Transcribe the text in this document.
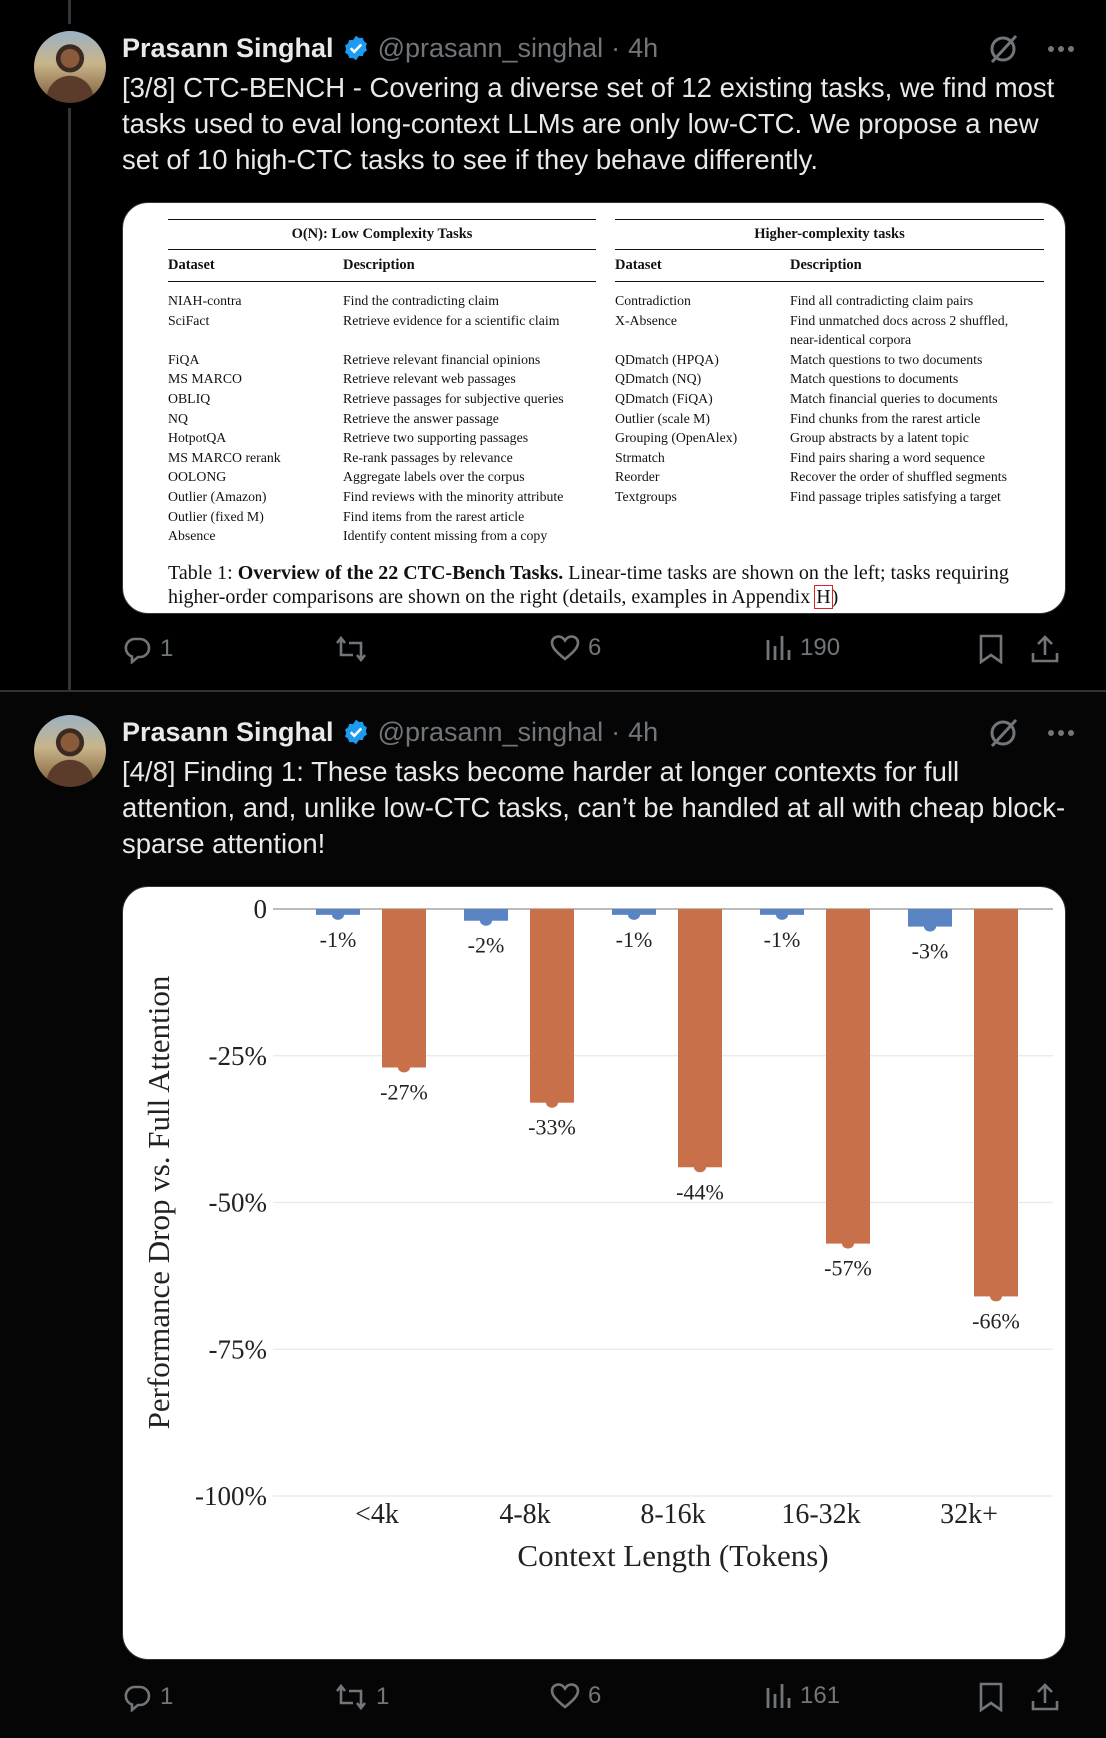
Prasann Singhal @prasann_singhal · 4h
[3/8] CTC-BENCH - Covering a diverse set of 12 existing tasks, we find most tasks used to eval long-context LLMs are only low-CTC. We propose a new set of 10 high-CTC tasks to see if they behave differently.
O(N): Low Complexity Tasks
Dataset	Description
Higher-complexity tasks
Dataset	Description
NIAH-contra	Find the contradicting claim
SciFact	Retrieve evidence for a scientific claim
FiQA	Retrieve relevant financial opinions
MS MARCO	Retrieve relevant web passages
OBLIQ	Retrieve passages for subjective queries
NQ	Retrieve the answer passage
HotpotQA	Retrieve two supporting passages
MS MARCO rerank	Re-rank passages by relevance
OOLONG	Aggregate labels over the corpus
Outlier (Amazon)	Find reviews with the minority attribute
Outlier (fixed M)	Find items from the rarest article
Absence	Identify content missing from a copy
Contradiction	Find all contradicting claim pairs
X-Absence	Find unmatched docs across 2 shuffled,
near-identical corpora
QDmatch (HPQA)	Match questions to two documents
QDmatch (NQ)	Match questions to documents
QDmatch (FiQA)	Match financial queries to documents
Outlier (scale M)	Find chunks from the rarest article
Grouping (OpenAlex)	Group abstracts by a latent topic
Strmatch	Find pairs sharing a word sequence
Reorder	Recover the order of shuffled segments
Textgroups	Find passage triples satisfying a target
Table 1: Overview of the 22 CTC-Bench Tasks. Linear-time tasks are shown on the left; tasks requiring higher-order comparisons are shown on the right (details, examples in Appendix H)
1	6	190
Prasann Singhal @prasann_singhal · 4h
[4/8] Finding 1: These tasks become harder at longer contexts for full attention, and, unlike low-CTC tasks, can’t be handled at all with cheap block-sparse attention!
0
-25%
-50%
-75%
-100%
-1%
-27%
<4k
-2%
-33%
4-8k
-1%
-44%
8-16k
-1%
-57%
16-32k
-3%
-66%
32k+
Context Length (Tokens)
Performance Drop vs. Full Attention
1	1	6	161
